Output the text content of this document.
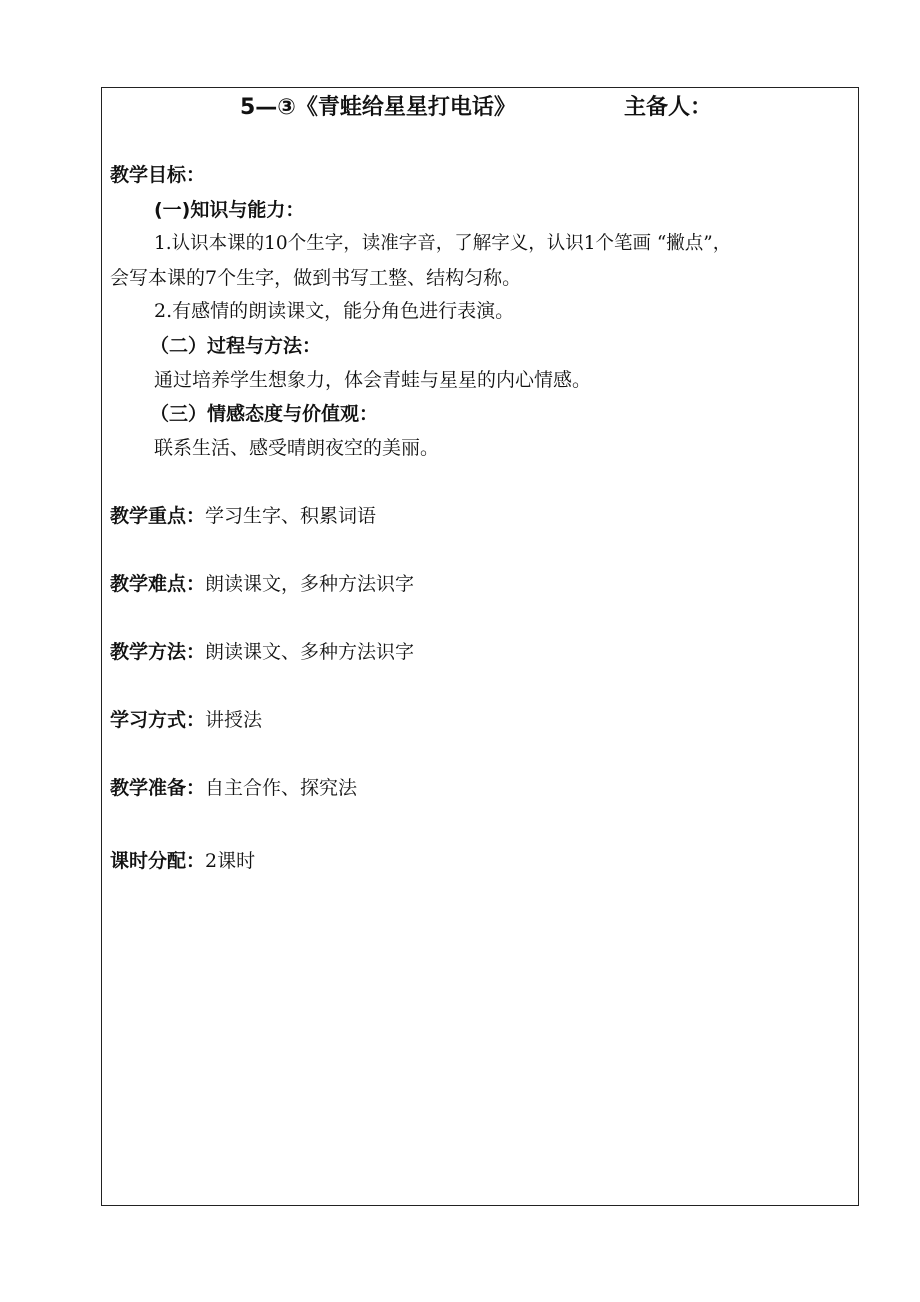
5—③《青蛙给星星打电话》	主备人：
教学目标：
(一)知识与能力：
1.认识本课的10个生字，读准字音，了解字义，认识1个笔画 “撇点”，
会写本课的7个生字，做到书写工整、结构匀称。
2.有感情的朗读课文，能分角色进行表演。
（二）过程与方法：
通过培养学生想象力，体会青蛙与星星的内心情感。
（三）情感态度与价值观：
联系生活、感受晴朗夜空的美丽。
教学重点：学习生字、积累词语
教学难点：朗读课文，多种方法识字
教学方法：朗读课文、多种方法识字
学习方式：讲授法
教学准备：自主合作、探究法
课时分配：2课时
